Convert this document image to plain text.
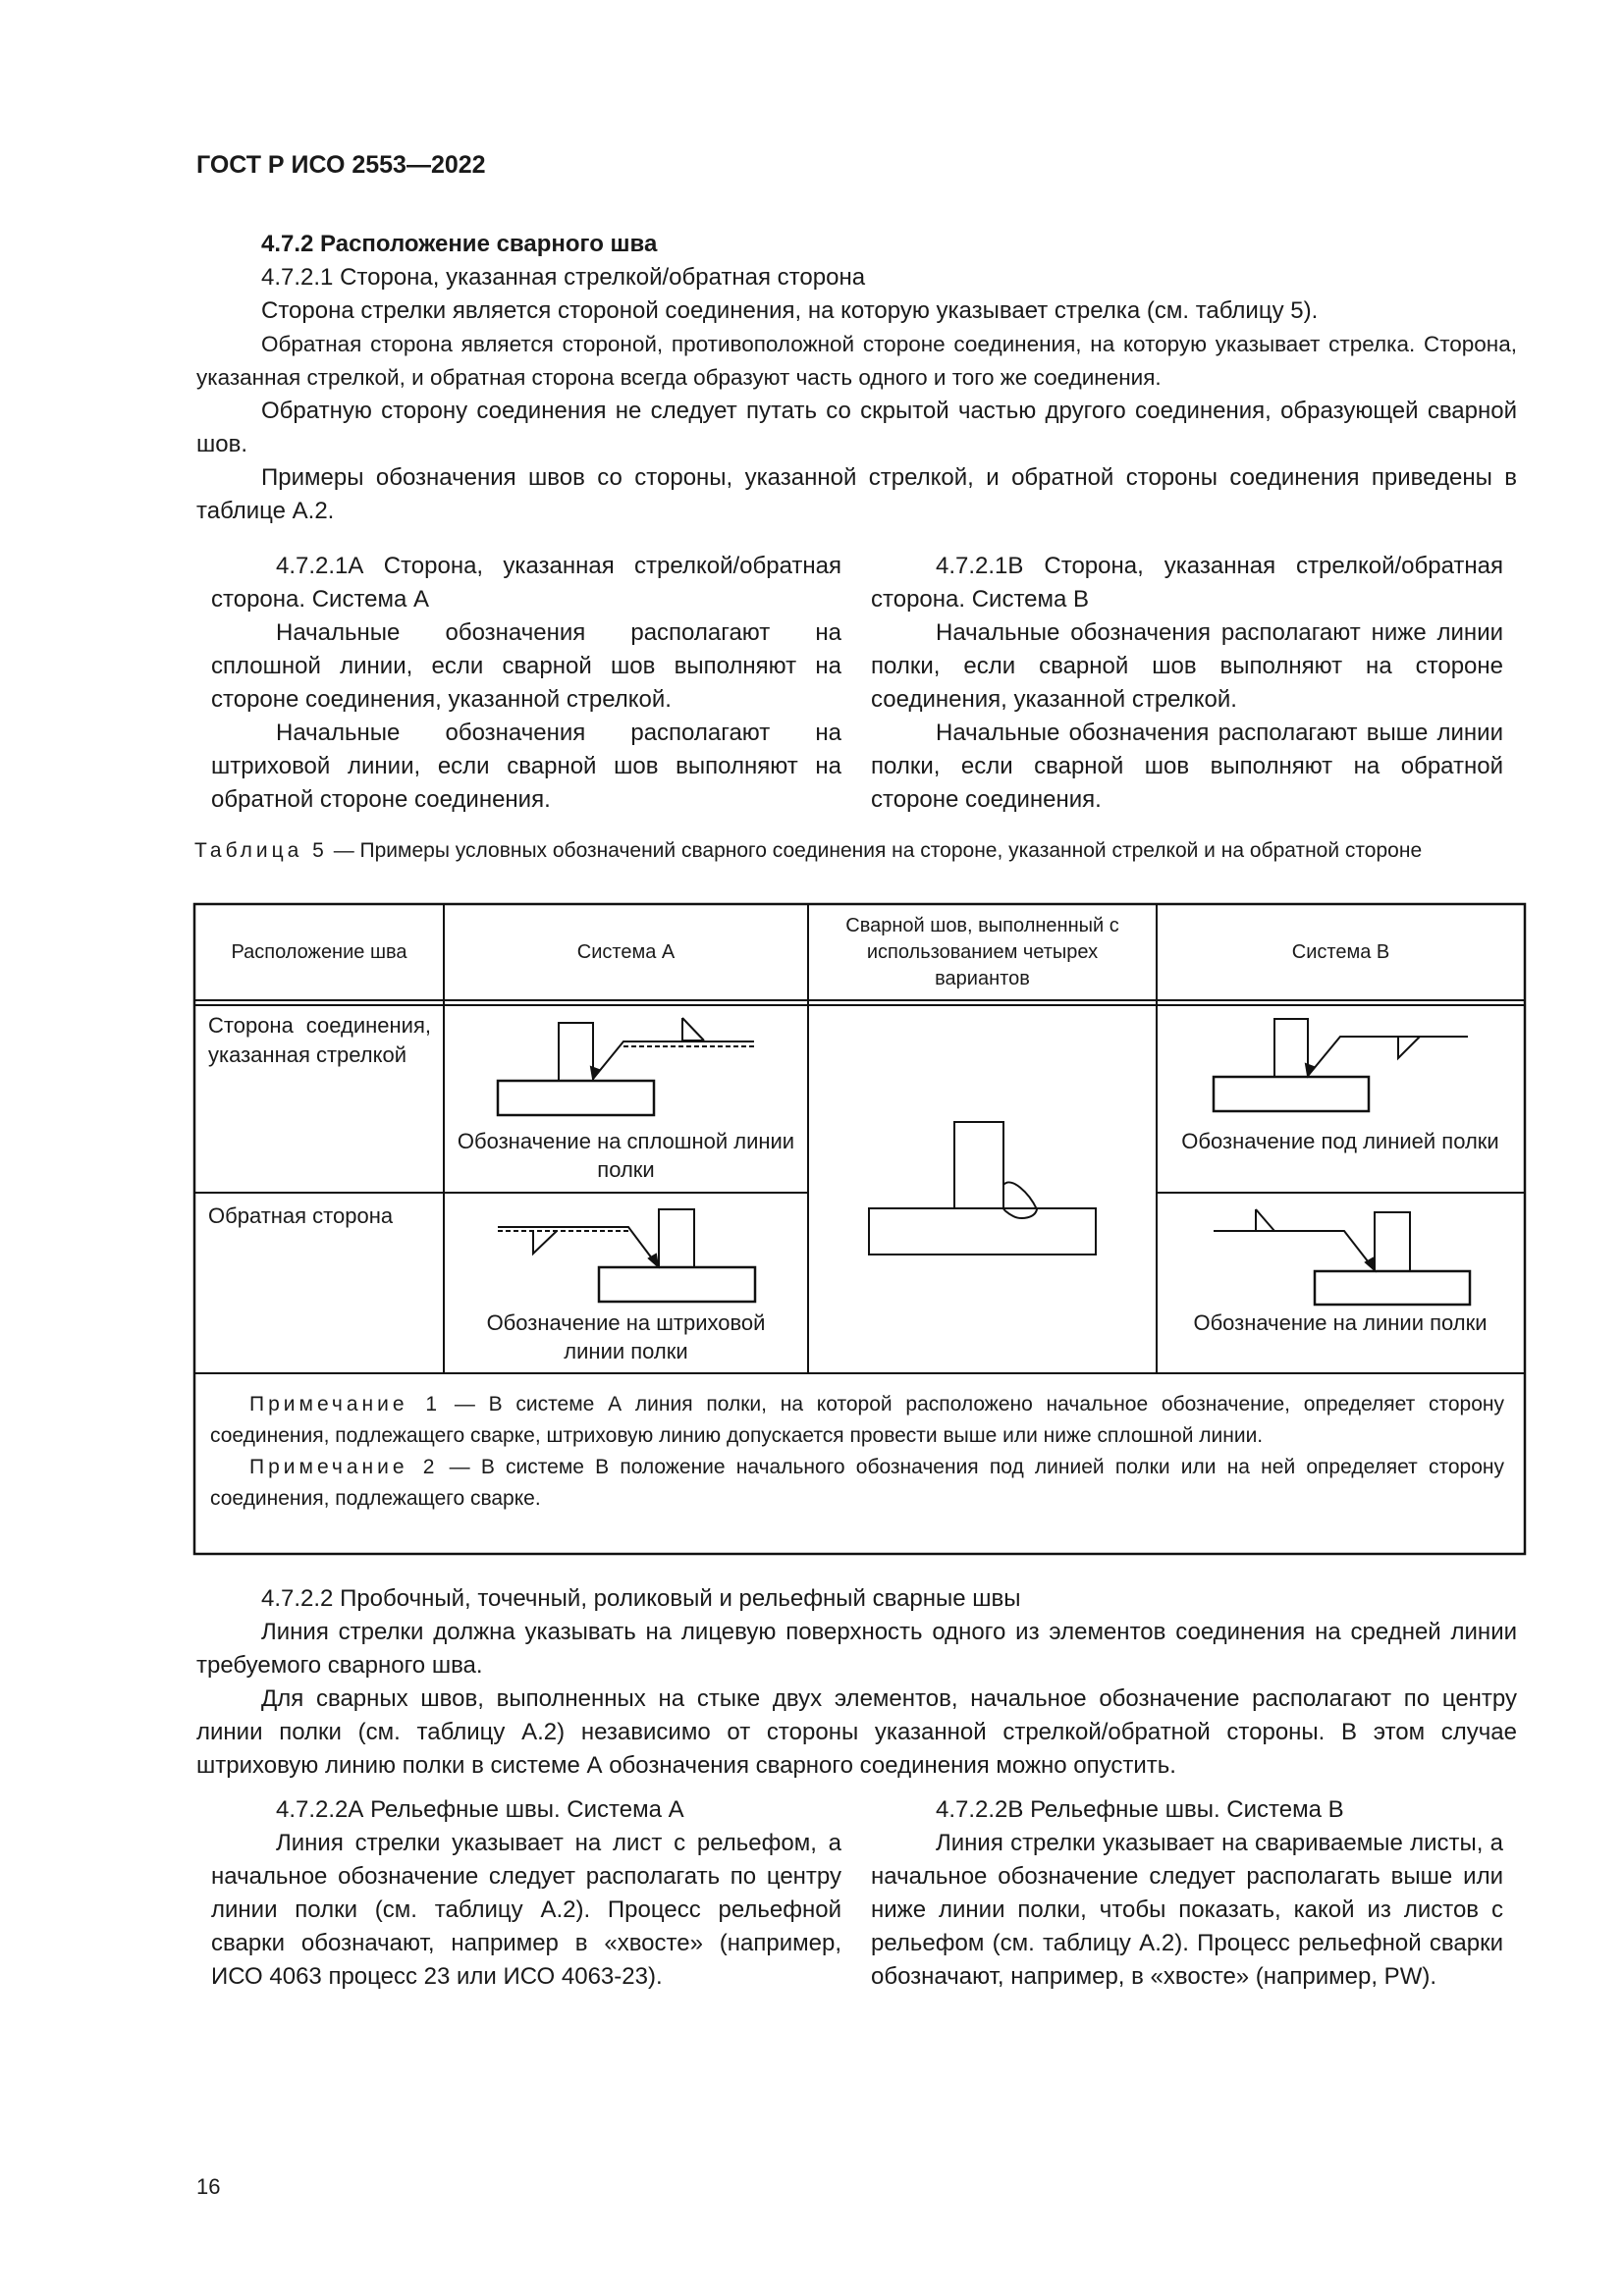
ГОСТ Р ИСО 2553—2022

4.7.2 Расположение сварного шва

4.7.2.1 Сторона, указанная стрелкой/обратная сторона

Сторона стрелки является стороной соединения, на которую указывает стрелка (см. таблицу 5).

Обратная сторона является стороной, противоположной стороне соединения, на которую указывает стрелка. Сторона, указанная стрелкой, и обратная сторона всегда образуют часть одного и того же соединения.

Обратную сторону соединения не следует путать со скрытой частью другого соединения, образующей сварной шов.

Примеры обозначения швов со стороны, указанной стрелкой, и обратной стороны соединения приведены в таблице А.2.

4.7.2.1А Сторона, указанная стрелкой/обратная сторона. Система А

Начальные обозначения располагают на сплошной линии, если сварной шов выполняют на стороне соединения, указанной стрелкой.

Начальные обозначения располагают на штриховой линии, если сварной шов выполняют на обратной стороне соединения.

4.7.2.1В Сторона, указанная стрелкой/обратная сторона. Система В

Начальные обозначения располагают ниже линии полки, если сварной шов выполняют на стороне соединения, указанной стрелкой.

Начальные обозначения располагают выше линии полки, если сварной шов выполняют на обратной стороне соединения.

Таблица 5 — Примеры условных обозначений сварного соединения на стороне, указанной стрелкой и на обратной стороне
Расположение шва	Система А
Сварной шов, выполненный с использованием четырех вариантов
Система В
Сторона соединения, указанная стрелкой
Обратная сторона
Обозначение на сплошной линии полки
Обозначение под линией полки
Обозначение на штриховой линии полки
Обозначение на линии полки

Примечание 1 — В системе А линия полки, на которой расположено начальное обозначение, определяет сторону соединения, подлежащего сварке, штриховую линию допускается провести выше или ниже сплошной линии.

Примечание 2 — В системе В положение начального обозначения под линией полки или на ней определяет сторону соединения, подлежащего сварке.

4.7.2.2 Пробочный, точечный, роликовый и рельефный сварные швы

Линия стрелки должна указывать на лицевую поверхность одного из элементов соединения на средней линии требуемого сварного шва.

Для сварных швов, выполненных на стыке двух элементов, начальное обозначение располагают по центру линии полки (см. таблицу А.2) независимо от стороны указанной стрелкой/обратной стороны. В этом случае штриховую линию полки в системе А обозначения сварного соединения можно опустить.

4.7.2.2А Рельефные швы. Система А

Линия стрелки указывает на лист с рельефом, а начальное обозначение следует располагать по центру линии полки (см. таблицу А.2). Процесс рельефной сварки обозначают, например в «хвосте» (например, ИСО 4063 процесс 23 или ИСО 4063-23).

4.7.2.2В Рельефные швы. Система В

Линия стрелки указывает на свариваемые листы, а начальное обозначение следует располагать выше или ниже линии полки, чтобы показать, какой из листов с рельефом (см. таблицу А.2). Процесс рельефной сварки обозначают, например, в «хвосте» (например, PW).

16
